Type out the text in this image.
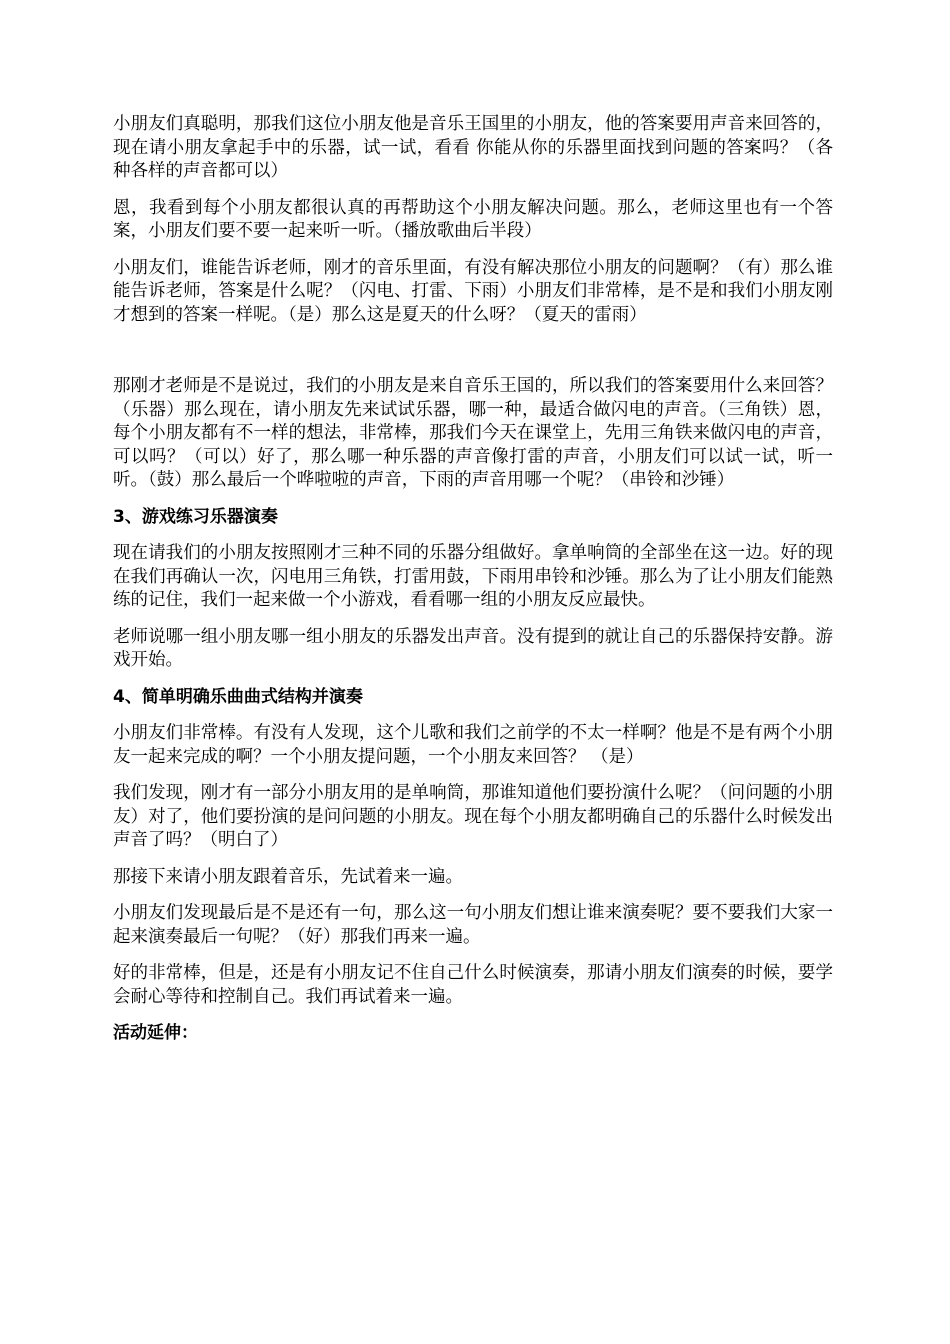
小朋友们真聪明，那我们这位小朋友他是音乐王国里的小朋友，他的答案要用声音来回答的，现在请小朋友拿起手中的乐器，试一试，看看 你能从你的乐器里面找到问题的答案吗？（各种各样的声音都可以）

恩，我看到每个小朋友都很认真的再帮助这个小朋友解决问题。那么，老师这里也有一个答案，小朋友们要不要一起来听一听。（播放歌曲后半段）

小朋友们，谁能告诉老师，刚才的音乐里面，有没有解决那位小朋友的问题啊？（有）那么谁能告诉老师，答案是什么呢？（闪电、打雷、下雨）小朋友们非常棒，是不是和我们小朋友刚才想到的答案一样呢。（是）那么这是夏天的什么呀？（夏天的雷雨）

那刚才老师是不是说过，我们的小朋友是来自音乐王国的，所以我们的答案要用什么来回答？（乐器）那么现在，请小朋友先来试试乐器，哪一种，最适合做闪电的声音。（三角铁）恩，每个小朋友都有不一样的想法，非常棒，那我们今天在课堂上，先用三角铁来做闪电的声音，可以吗？（可以）好了，那么哪一种乐器的声音像打雷的声音，小朋友们可以试一试，听一听。（鼓）那么最后一个哗啦啦的声音，下雨的声音用哪一个呢？（串铃和沙锤）

3、游戏练习乐器演奏

现在请我们的小朋友按照刚才三种不同的乐器分组做好。拿单响筒的全部坐在这一边。好的现在我们再确认一次，闪电用三角铁，打雷用鼓，下雨用串铃和沙锤。那么为了让小朋友们能熟练的记住，我们一起来做一个小游戏，看看哪一组的小朋友反应最快。

老师说哪一组小朋友哪一组小朋友的乐器发出声音。没有提到的就让自己的乐器保持安静。游戏开始。

4、简单明确乐曲曲式结构并演奏

小朋友们非常棒。有没有人发现，这个儿歌和我们之前学的不太一样啊？他是不是有两个小朋友一起来完成的啊？一个小朋友提问题，一个小朋友来回答？ （是）

我们发现，刚才有一部分小朋友用的是单响筒，那谁知道他们要扮演什么呢？（问问题的小朋友）对了，他们要扮演的是问问题的小朋友。现在每个小朋友都明确自己的乐器什么时候发出声音了吗？（明白了）

那接下来请小朋友跟着音乐，先试着来一遍。

小朋友们发现最后是不是还有一句，那么这一句小朋友们想让谁来演奏呢？要不要我们大家一起来演奏最后一句呢？（好）那我们再来一遍。

好的非常棒，但是，还是有小朋友记不住自己什么时候演奏，那请小朋友们演奏的时候，要学会耐心等待和控制自己。我们再试着来一遍。

活动延伸：
